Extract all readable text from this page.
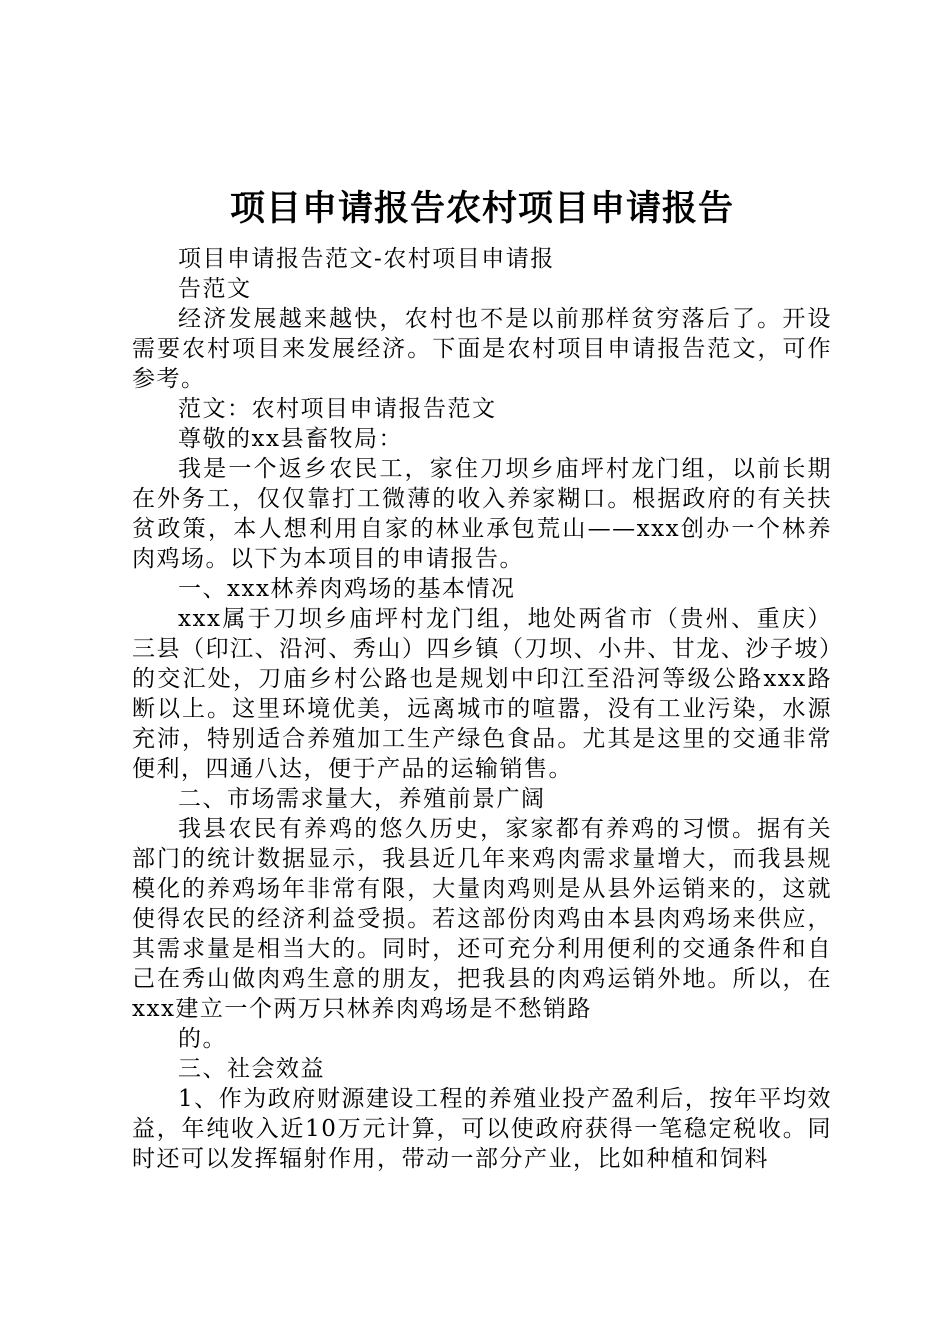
项目申请报告农村项目申请报告

项目申请报告范文-农村项目申请报

告范文

经济发展越来越快，农村也不是以前那样贫穷落后了。开设需要农村项目来发展经济。下面是农村项目申请报告范文，可作参考。

范文：农村项目申请报告范文

尊敬的xx县畜牧局：

我是一个返乡农民工，家住刀坝乡庙坪村龙门组，以前长期在外务工，仅仅靠打工微薄的收入养家糊口。根据政府的有关扶贫政策，本人想利用自家的林业承包荒山——xxx创办一个林养肉鸡场。以下为本项目的申请报告。

一、xxx林养肉鸡场的基本情况

xxx属于刀坝乡庙坪村龙门组，地处两省市（贵州、重庆）三县（印江、沿河、秀山）四乡镇（刀坝、小井、甘龙、沙子坡）的交汇处，刀庙乡村公路也是规划中印江至沿河等级公路xxx路断以上。这里环境优美，远离城市的喧嚣，没有工业污染，水源充沛，特别适合养殖加工生产绿色食品。尤其是这里的交通非常便利，四通八达，便于产品的运输销售。

二、市场需求量大，养殖前景广阔

我县农民有养鸡的悠久历史，家家都有养鸡的习惯。据有关部门的统计数据显示，我县近几年来鸡肉需求量增大，而我县规模化的养鸡场年非常有限，大量肉鸡则是从县外运销来的，这就使得农民的经济利益受损。若这部份肉鸡由本县肉鸡场来供应，其需求量是相当大的。同时，还可充分利用便利的交通条件和自己在秀山做肉鸡生意的朋友，把我县的肉鸡运销外地。所以，在xxx建立一个两万只林养肉鸡场是不愁销路

的。

三、社会效益

1、作为政府财源建设工程的养殖业投产盈利后，按年平均效益，年纯收入近10万元计算，可以使政府获得一笔稳定税收。同时还可以发挥辐射作用，带动一部分产业，比如种植和饲料
